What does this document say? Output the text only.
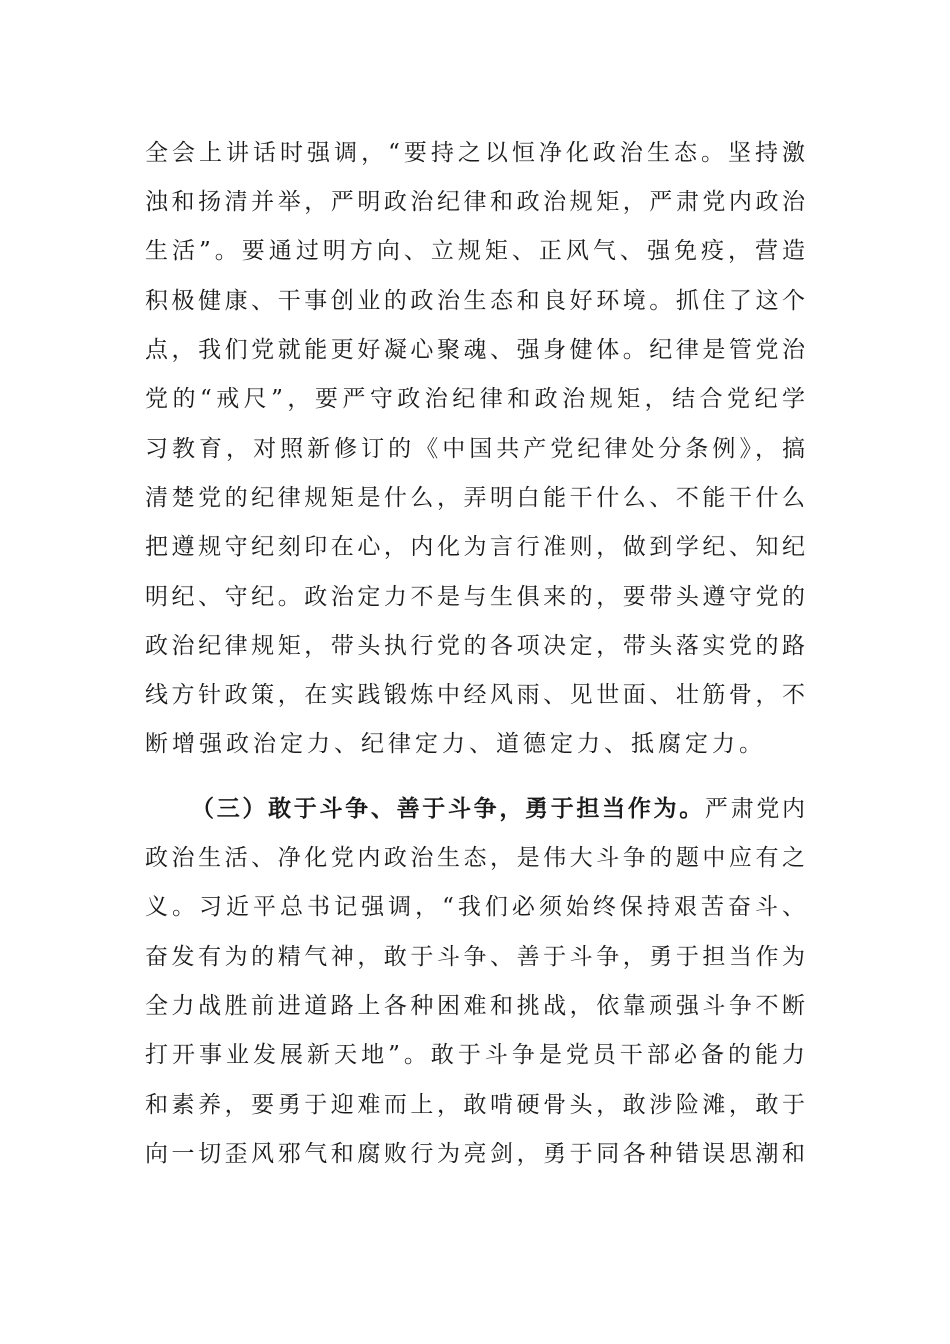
全会上讲话时强调，“要持之以恒净化政治生态。坚持激
浊和扬清并举，严明政治纪律和政治规矩，严肃党内政治
生活”。要通过明方向、立规矩、正风气、强免疫，营造
积极健康、干事创业的政治生态和良好环境。抓住了这个
点，我们党就能更好凝心聚魂、强身健体。纪律是管党治
党的“戒尺”，要严守政治纪律和政治规矩，结合党纪学
习教育，对照新修订的《中国共产党纪律处分条例》，搞
清楚党的纪律规矩是什么，弄明白能干什么、不能干什么
把遵规守纪刻印在心，内化为言行准则，做到学纪、知纪
明纪、守纪。政治定力不是与生俱来的，要带头遵守党的
政治纪律规矩，带头执行党的各项决定，带头落实党的路
线方针政策，在实践锻炼中经风雨、见世面、壮筋骨，不
断增强政治定力、纪律定力、道德定力、抵腐定力。
（三）敢于斗争、善于斗争，勇于担当作为。严肃党内
政治生活、净化党内政治生态，是伟大斗争的题中应有之
义。习近平总书记强调，“我们必须始终保持艰苦奋斗、
奋发有为的精气神，敢于斗争、善于斗争，勇于担当作为
全力战胜前进道路上各种困难和挑战，依靠顽强斗争不断
打开事业发展新天地”。敢于斗争是党员干部必备的能力
和素养，要勇于迎难而上，敢啃硬骨头，敢涉险滩，敢于
向一切歪风邪气和腐败行为亮剑，勇于同各种错误思潮和
